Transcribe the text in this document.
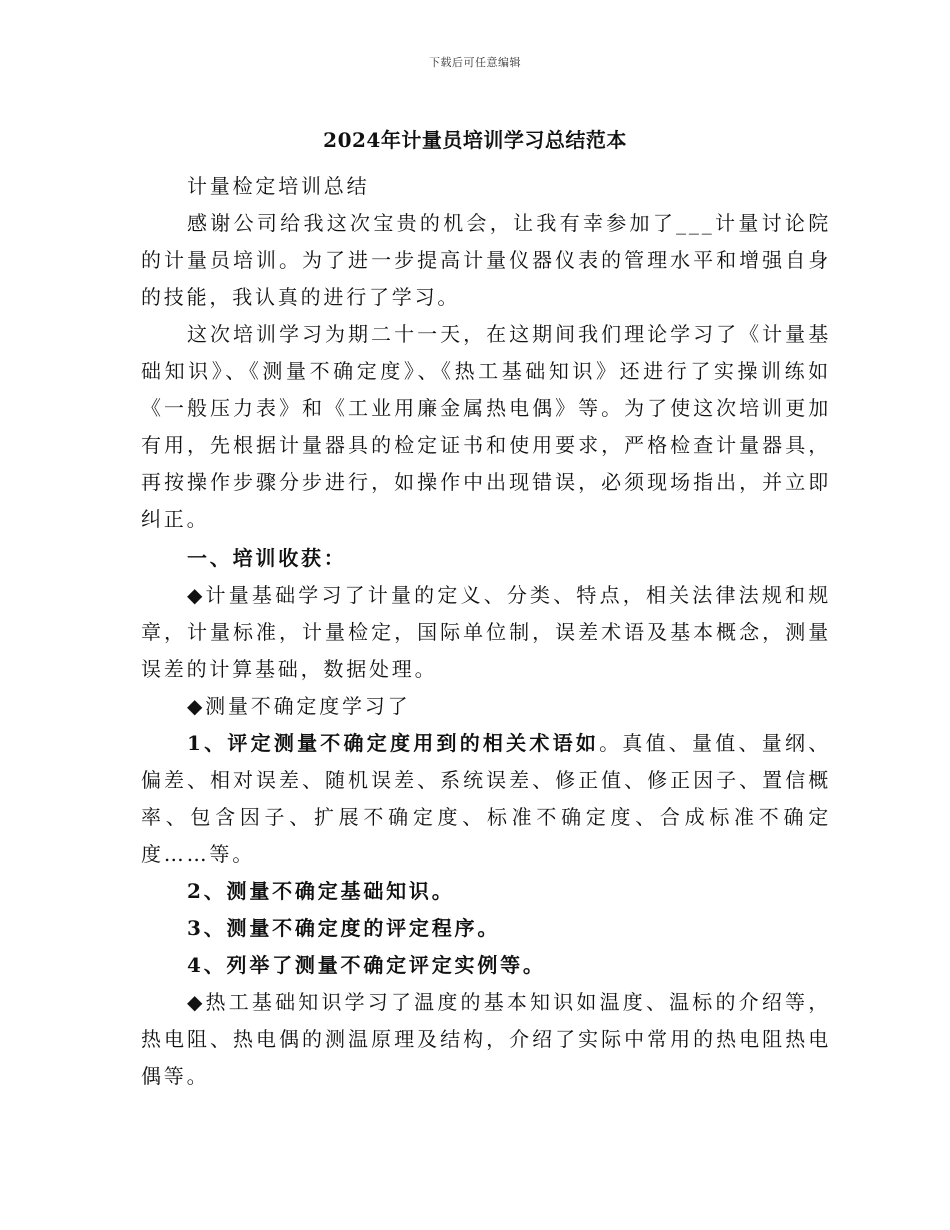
下载后可任意编辑
2024年计量员培训学习总结范本

计量检定培训总结

感谢公司给我这次宝贵的机会，让我有幸参加了___计量讨论院的计量员培训。为了进一步提高计量仪器仪表的管理水平和增强自身的技能，我认真的进行了学习。

这次培训学习为期二十一天，在这期间我们理论学习了《计量基础知识》、《测量不确定度》、《热工基础知识》还进行了实操训练如《一般压力表》和《工业用廉金属热电偶》等。为了使这次培训更加有用，先根据计量器具的检定证书和使用要求，严格检查计量器具，再按操作步骤分步进行，如操作中出现错误，必须现场指出，并立即纠正。

一、培训收获：

◆计量基础学习了计量的定义、分类、特点，相关法律法规和规章，计量标准，计量检定，国际单位制，误差术语及基本概念，测量误差的计算基础，数据处理。

◆测量不确定度学习了

1、评定测量不确定度用到的相关术语如。真值、量值、量纲、偏差、相对误差、随机误差、系统误差、修正值、修正因子、置信概率、包含因子、扩展不确定度、标准不确定度、合成标准不确定度……等。

2、测量不确定基础知识。

3、测量不确定度的评定程序。

4、列举了测量不确定评定实例等。

◆热工基础知识学习了温度的基本知识如温度、温标的介绍等，热电阻、热电偶的测温原理及结构，介绍了实际中常用的热电阻热电偶等。
